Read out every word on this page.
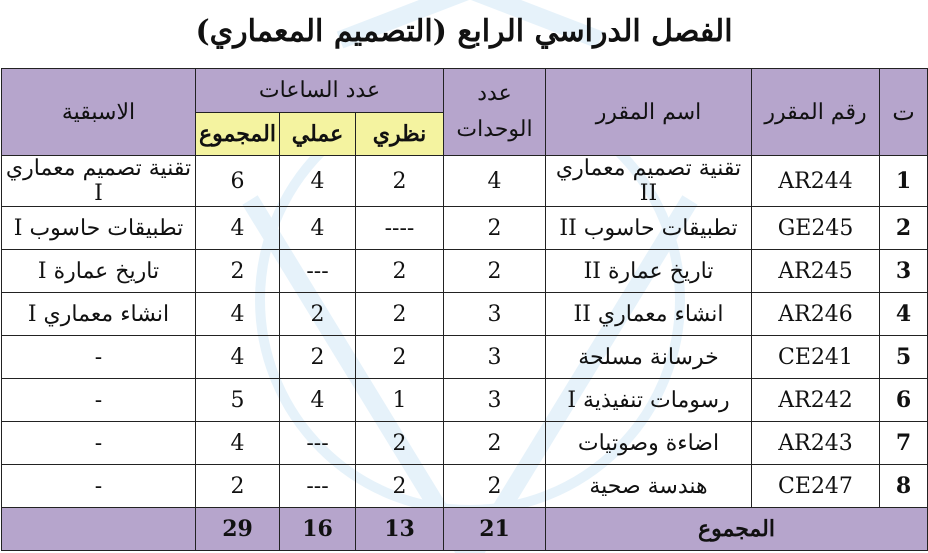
الفصل الدراسي الرابع (التصميم المعماري)
ت	رقم المقرر	اسم المقرر	عدد الوحدات	عدد الساعات			الاسبقية
				نظري	عملي	المجموع	
1	AR244	تقنية تصميم معماري II	4	2	4	6	تقنية تصميم معماري I
2	GE245	تطبيقات حاسوب II	2	----	4	4	تطبيقات حاسوب I
3	AR245	تاريخ عمارة II	2	2	---	2	تاريخ عمارة I
4	AR246	انشاء معماري II	3	2	2	4	انشاء معماري I
5	CE241	خرسانة مسلحة	3	2	2	4	-
6	AR242	رسومات تنفيذية I	3	1	4	5	-
7	AR243	اضاءة وصوتيات	2	2	---	4	-
8	CE247	هندسة صحية	2	2	---	2	-
المجموع			21	13	16	29	
